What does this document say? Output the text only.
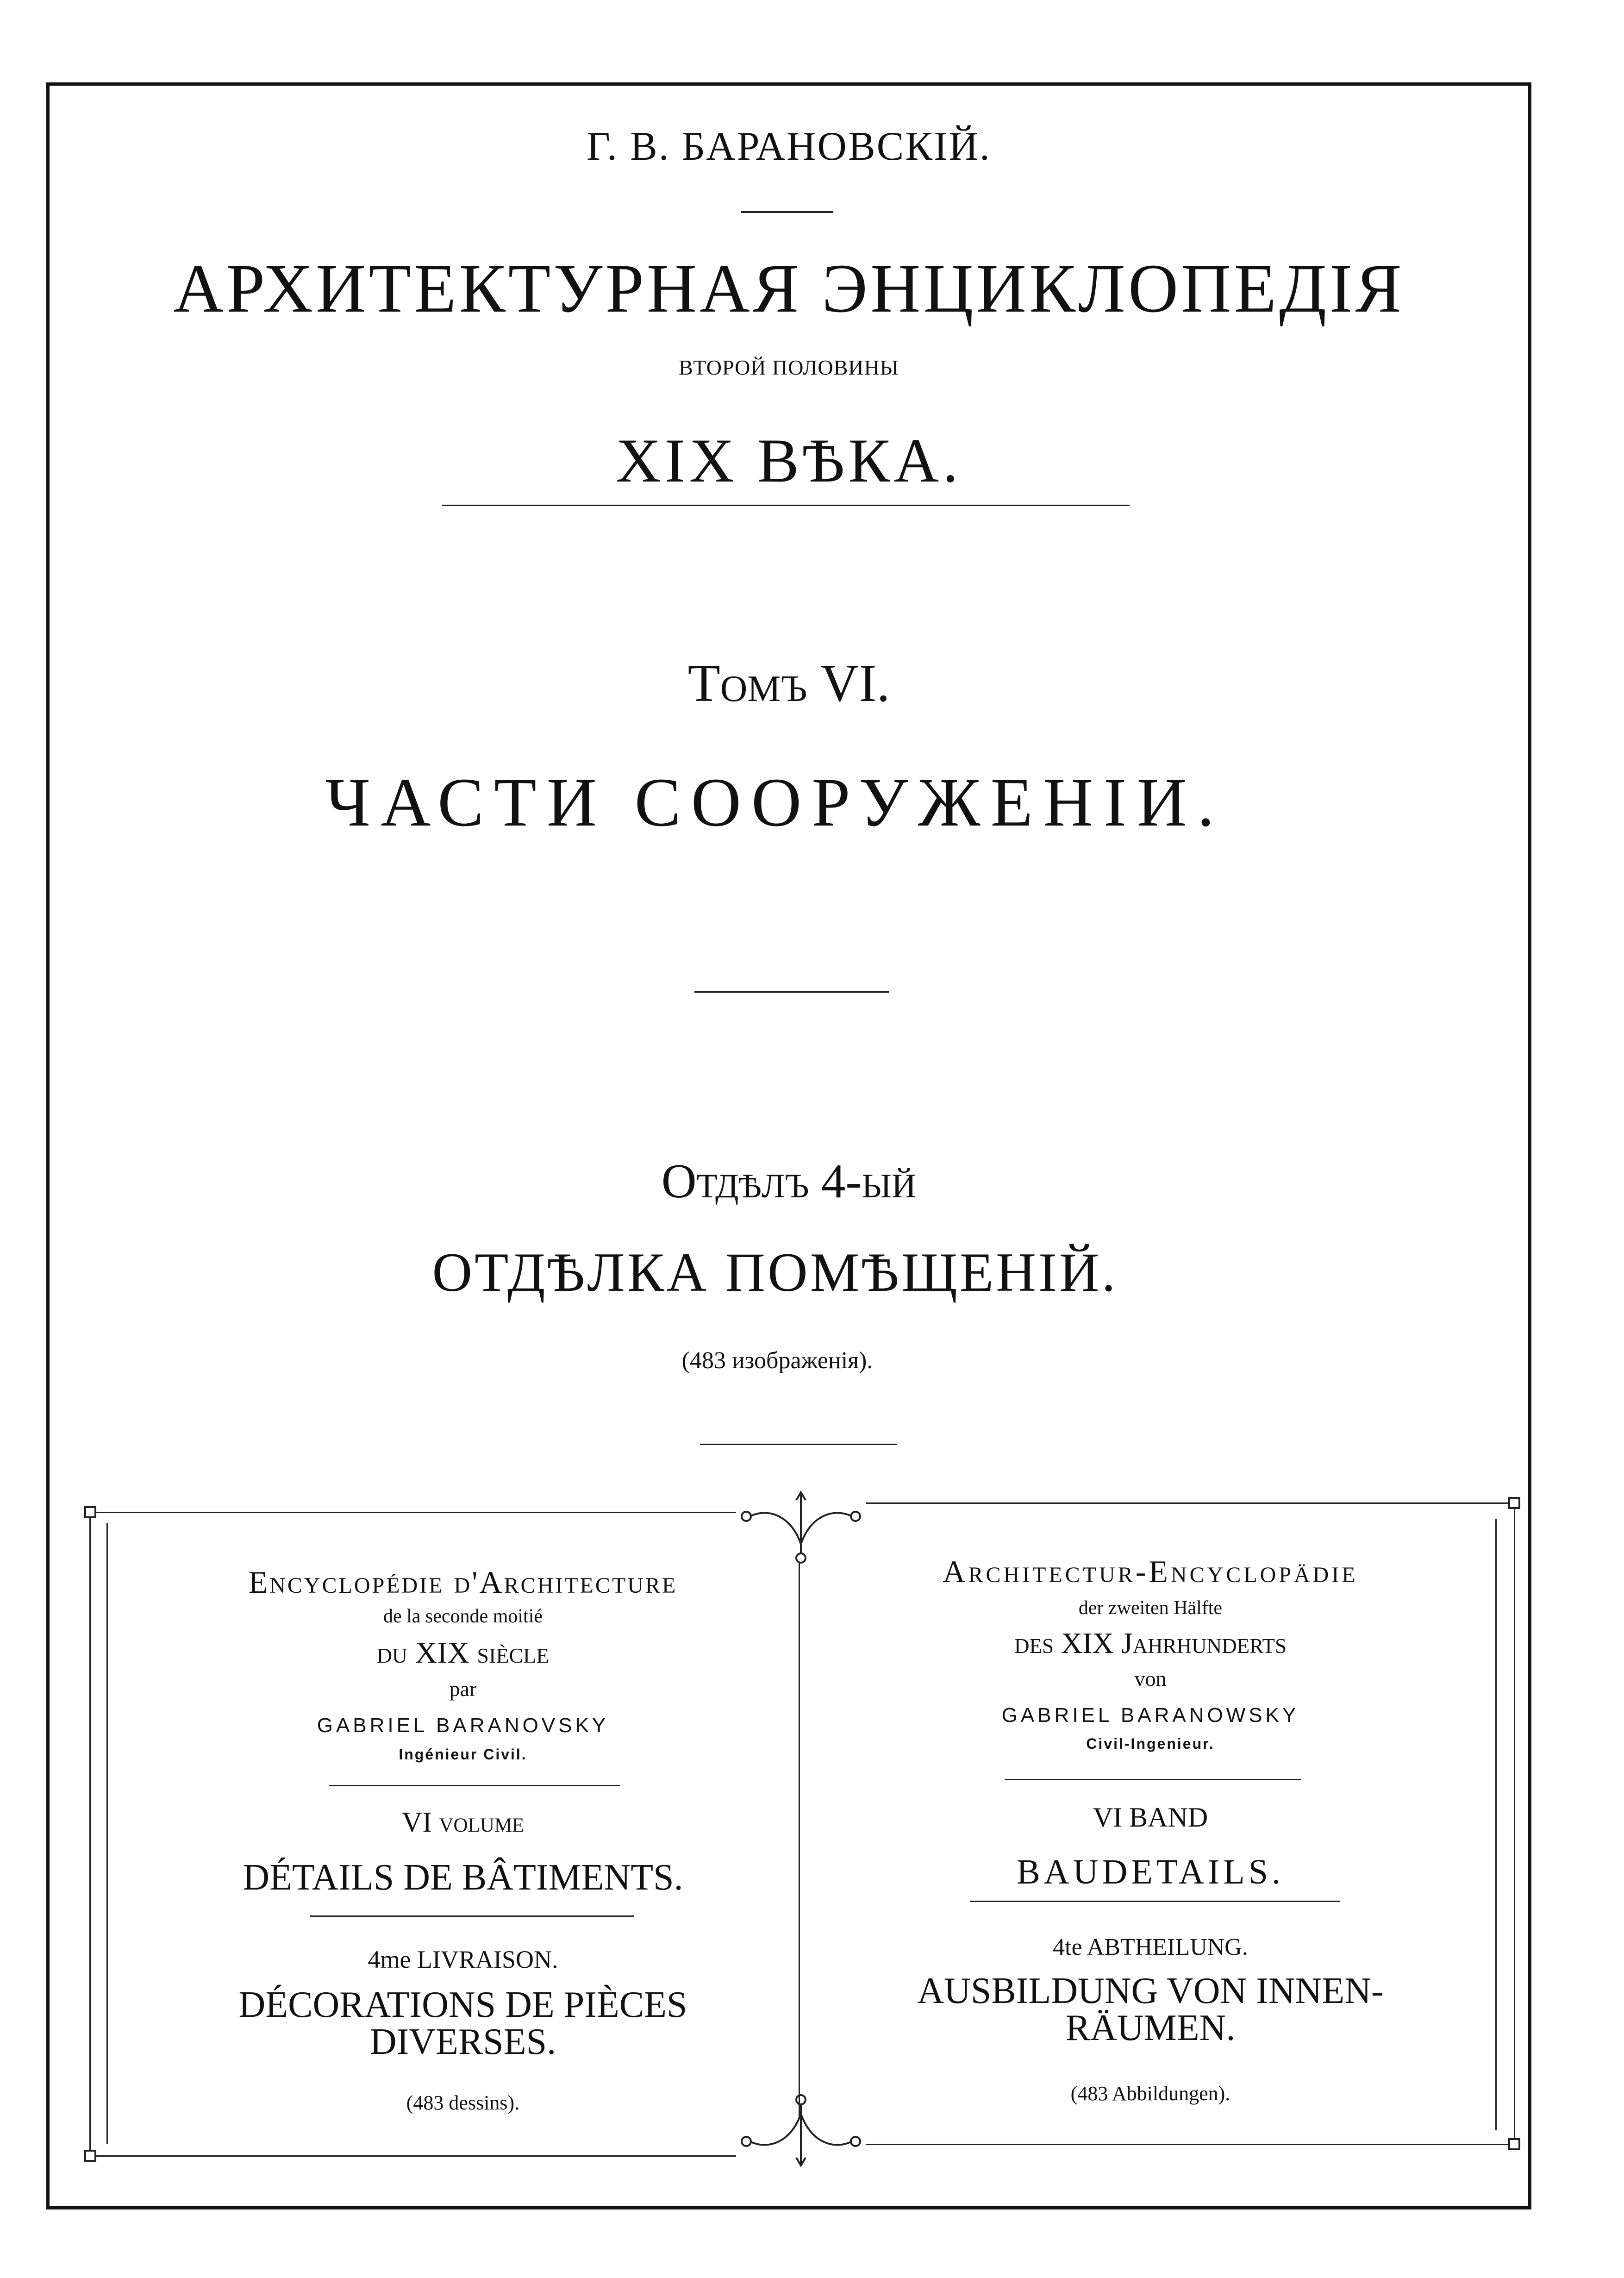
Г. В. БАРАНОВСКІЙ.

АРХИТЕКТУРНАЯ ЭНЦИКЛОПЕДІЯ

ВТОРОЙ ПОЛОВИНЫ

XIX ВѢКА.

Томъ VI.

ЧАСТИ СООРУЖЕНІИ.

Отдѣлъ 4-ый

ОТДѢЛКА ПОМѢЩЕНІЙ.

(483 изображенія).

Encyclopédie d'Architecture

de la seconde moitié

du XIX siècle

par

GABRIEL BARANOVSKY

Ingénieur Civil.

VI volume

DÉTAILS DE BÂTIMENTS.

4me LIVRAISON.

DÉCORATIONS DE PIÈCES

DIVERSES.

(483 dessins).

Architectur-Encyclopädie

der zweiten Hälfte

des XIX Jahrhunderts

von

GABRIEL BARANOWSKY

Civil-Ingenieur.

VI BAND

BAUDETAILS.

4te ABTHEILUNG.

AUSBILDUNG VON INNEN-

RÄUMEN.

(483 Abbildungen).
